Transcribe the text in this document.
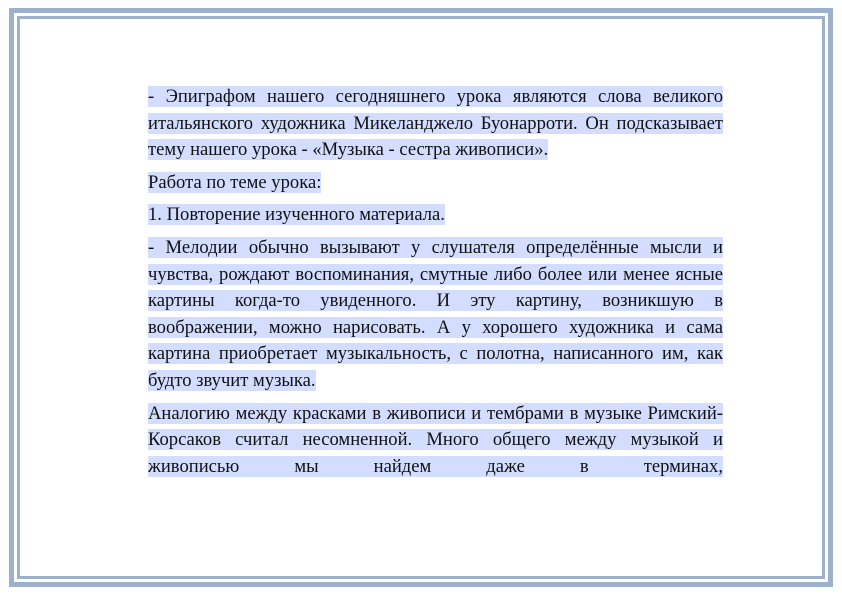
- Эпиграфом нашего сегодняшнего урока являются слова великого итальянского художника Микеланджело Буонарроти. Он подсказывает тему нашего урока - «Музыка - сестра живописи».

Работа по теме урока:

1. Повторение изученного материала.

- Мелодии обычно вызывают у слушателя определённые мысли и чувства, рождают воспоминания, смутные либо более или менее ясные картины когда-то увиденного. И эту картину, возникшую в воображении, можно нарисовать. А у хорошего художника и сама картина приобретает музыкальность, с полотна, написанного им, как будто звучит музыка.

Аналогию между красками в живописи и тембрами в музыке Римский-Корсаков считал несомненной. Много общего между музыкой и живописью мы найдем даже в терминах,
